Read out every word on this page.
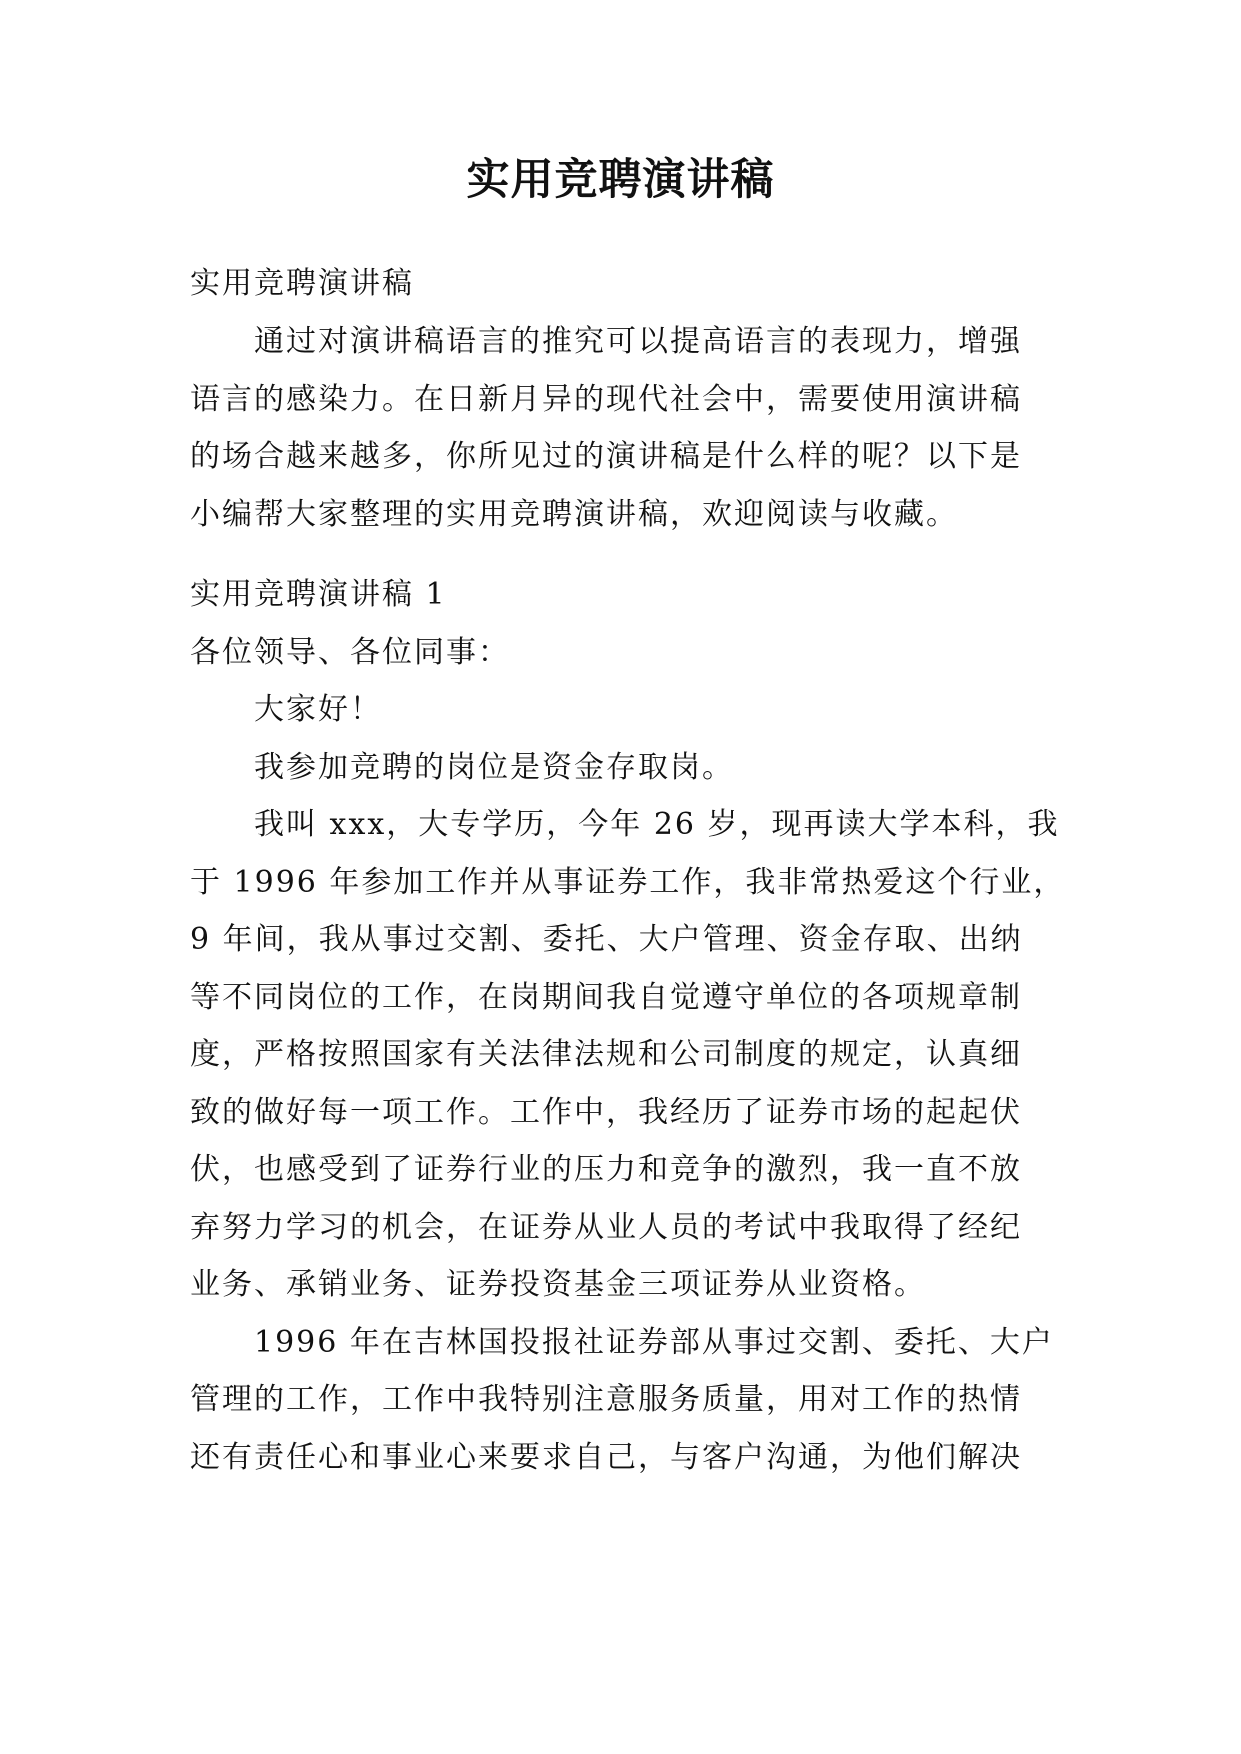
实用竞聘演讲稿

实用竞聘演讲稿

通过对演讲稿语言的推究可以提高语言的表现力，增强

语言的感染力。在日新月异的现代社会中，需要使用演讲稿

的场合越来越多，你所见过的演讲稿是什么样的呢？以下是

小编帮大家整理的实用竞聘演讲稿，欢迎阅读与收藏。

实用竞聘演讲稿 1

各位领导、各位同事：

大家好！

我参加竞聘的岗位是资金存取岗。

我叫 xxx，大专学历，今年 26 岁，现再读大学本科，我

于 1996 年参加工作并从事证券工作，我非常热爱这个行业，

9 年间，我从事过交割、委托、大户管理、资金存取、出纳

等不同岗位的工作，在岗期间我自觉遵守单位的各项规章制

度，严格按照国家有关法律法规和公司制度的规定，认真细

致的做好每一项工作。工作中，我经历了证券市场的起起伏

伏，也感受到了证券行业的压力和竞争的激烈，我一直不放

弃努力学习的机会，在证券从业人员的考试中我取得了经纪

业务、承销业务、证券投资基金三项证券从业资格。

1996 年在吉林国投报社证券部从事过交割、委托、大户

管理的工作，工作中我特别注意服务质量，用对工作的热情

还有责任心和事业心来要求自己，与客户沟通，为他们解决
